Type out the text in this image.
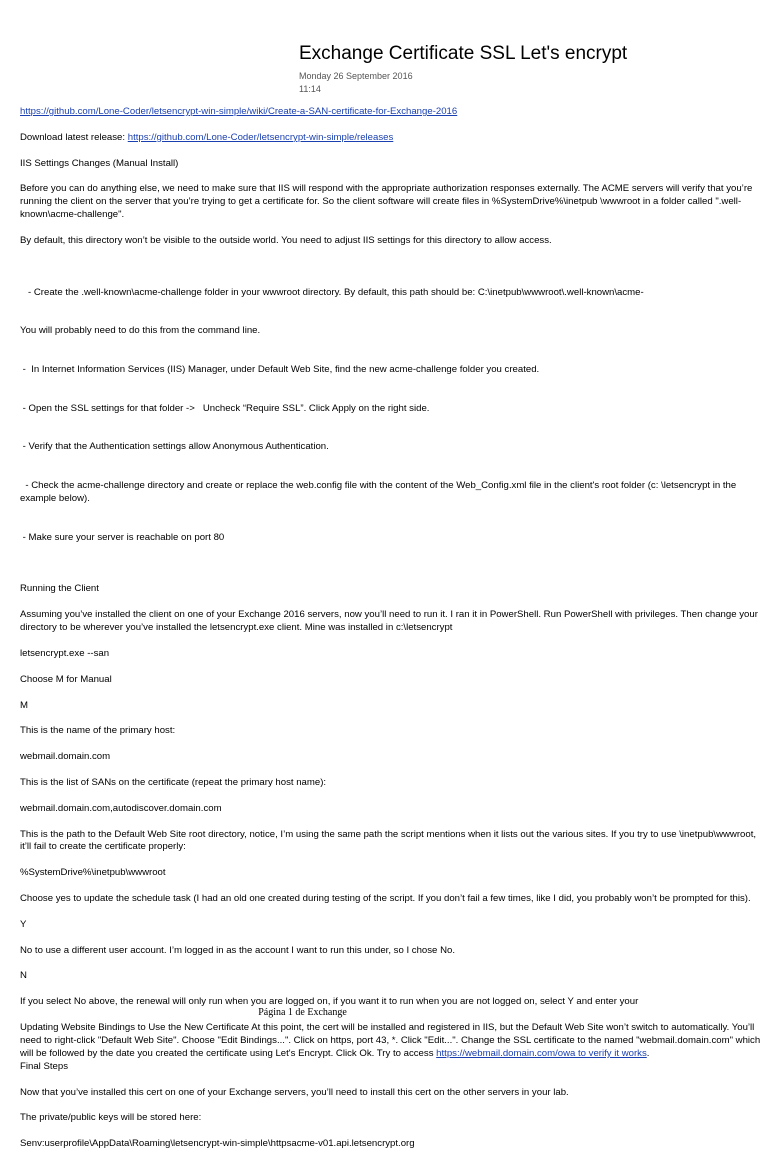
Exchange Certificate SSL Let's encrypt
Monday 26 September 2016
11:14

https://github.com/Lone-Coder/letsencrypt-win-simple/wiki/Create-a-SAN-certificate-for-Exchange-2016

Download latest release: https://github.com/Lone-Coder/letsencrypt-win-simple/releases

IIS Settings Changes (Manual Install)

Before you can do anything else, we need to make sure that IIS will respond with the appropriate authorization responses externally. The ACME servers will verify that you’re running the client on the server that you’re trying to get a certificate for. So the client software will create files in %SystemDrive%\inetpub \wwwroot in a folder called ".well-known\acme-challenge".

By default, this directory won’t be visible to the outside world. You need to adjust IIS settings for this directory to allow access.

- Create the .well-known\acme-challenge folder in your wwwroot directory. By default, this path should be: C:\inetpub\wwwroot\.well-known\acme-

You will probably need to do this from the command line.

-  In Internet Information Services (IIS) Manager, under Default Web Site, find the new acme-challenge folder you created.

- Open the SSL settings for that folder ->   Uncheck “Require SSL”. Click Apply on the right side.

- Verify that the Authentication settings allow Anonymous Authentication.

- Check the acme-challenge directory and create or replace the web.config file with the content of the Web_Config.xml file in the client's root folder (c: \letsencrypt in the example below).

- Make sure your server is reachable on port 80

Running the Client

Assuming you’ve installed the client on one of your Exchange 2016 servers, now you’ll need to run it. I ran it in PowerShell. Run PowerShell with privileges. Then change your directory to be wherever you’ve installed the letsencrypt.exe client. Mine was installed in c:\letsencrypt

letsencrypt.exe --san

Choose M for Manual

M

This is the name of the primary host:

webmail.domain.com

This is the list of SANs on the certificate (repeat the primary host name):

webmail.domain.com,autodiscover.domain.com

This is the path to the Default Web Site root directory, notice, I’m using the same path the script mentions when it lists out the various sites. If you try to use \inetpub\wwwroot, it’ll fail to create the certificate properly:

%SystemDrive%\inetpub\wwwroot

Choose yes to update the schedule task (I had an old one created during testing of the script. If you don’t fail a few times, like I did, you probably won’t be prompted for this).

Y

No to use a different user account. I’m logged in as the account I want to run this under, so I chose No.

N

If you select No above, the renewal will only run when you are logged on, if you want it to run when you are not logged on, select Y and enter your

Updating Website Bindings to Use the New Certificate At this point, the cert will be installed and registered in IIS, but the Default Web Site won’t switch to automatically. You’ll need to right-click "Default Web Site". Choose "Edit Bindings...". Click on https, port 43, *. Click "Edit...". Change the SSL certificate to the named "webmail.domain.com" which will be followed by the date you created the certificate using Let's Encrypt. Click Ok. Try to access https://webmail.domain.com/owa to verify it works.

Final Steps

Now that you’ve installed this cert on one of your Exchange servers, you’ll need to install this cert on the other servers in your lab.

The private/public keys will be stored here:

Senv:userprofile\AppData\Roaming\letsencrypt-win-simple\httpsacme-v01.api.letsencrypt.org

Página 1 de Exchange
